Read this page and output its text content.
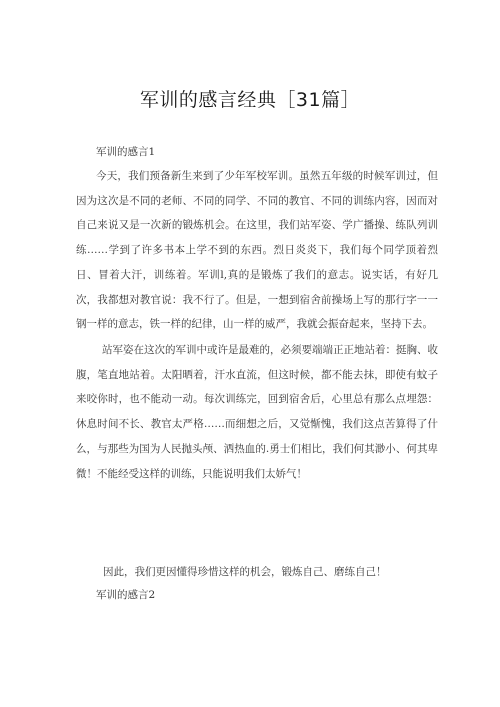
军训的感言经典［31篇］
军训的感言1

今天，我们预备新生来到了少年军校军训。虽然五年级的时候军训过，但因为这次是不同的老师、不同的同学、不同的教官、不同的训练内容，因而对自己来说又是一次新的锻炼机会。在这里，我们站军姿、学广播操、练队列训练……学到了许多书本上学不到的东西。烈日炎炎下，我们每个同学顶着烈日、冒着大汗，训练着。军训l,真的是锻炼了我们的意志。说实话，有好几次，我都想对教官说：我不行了。但是，一想到宿舍前操场上写的那行字一一钢一样的意志，铁一样的纪律，山一样的威严，我就会振奋起来，坚持下去。

站军姿在这次的军训中或许是最难的，必须要端端正正地站着：挺胸、收腹，笔直地站着。太阳晒着，汗水直流，但这时候，都不能去抹，即使有蚊子来咬你时，也不能动一动。每次训练完，回到宿舍后，心里总有那么点埋怨：休息时间不长、教官太严格……而细想之后，又觉惭愧，我们这点苦算得了什么，与那些为国为人民抛头颅、洒热血的.勇士们相比，我们何其渺小、何其卑微！不能经受这样的训练，只能说明我们太娇气！

因此，我们更因懂得珍惜这样的机会，锻炼自己、磨练自己！

军训的感言2
